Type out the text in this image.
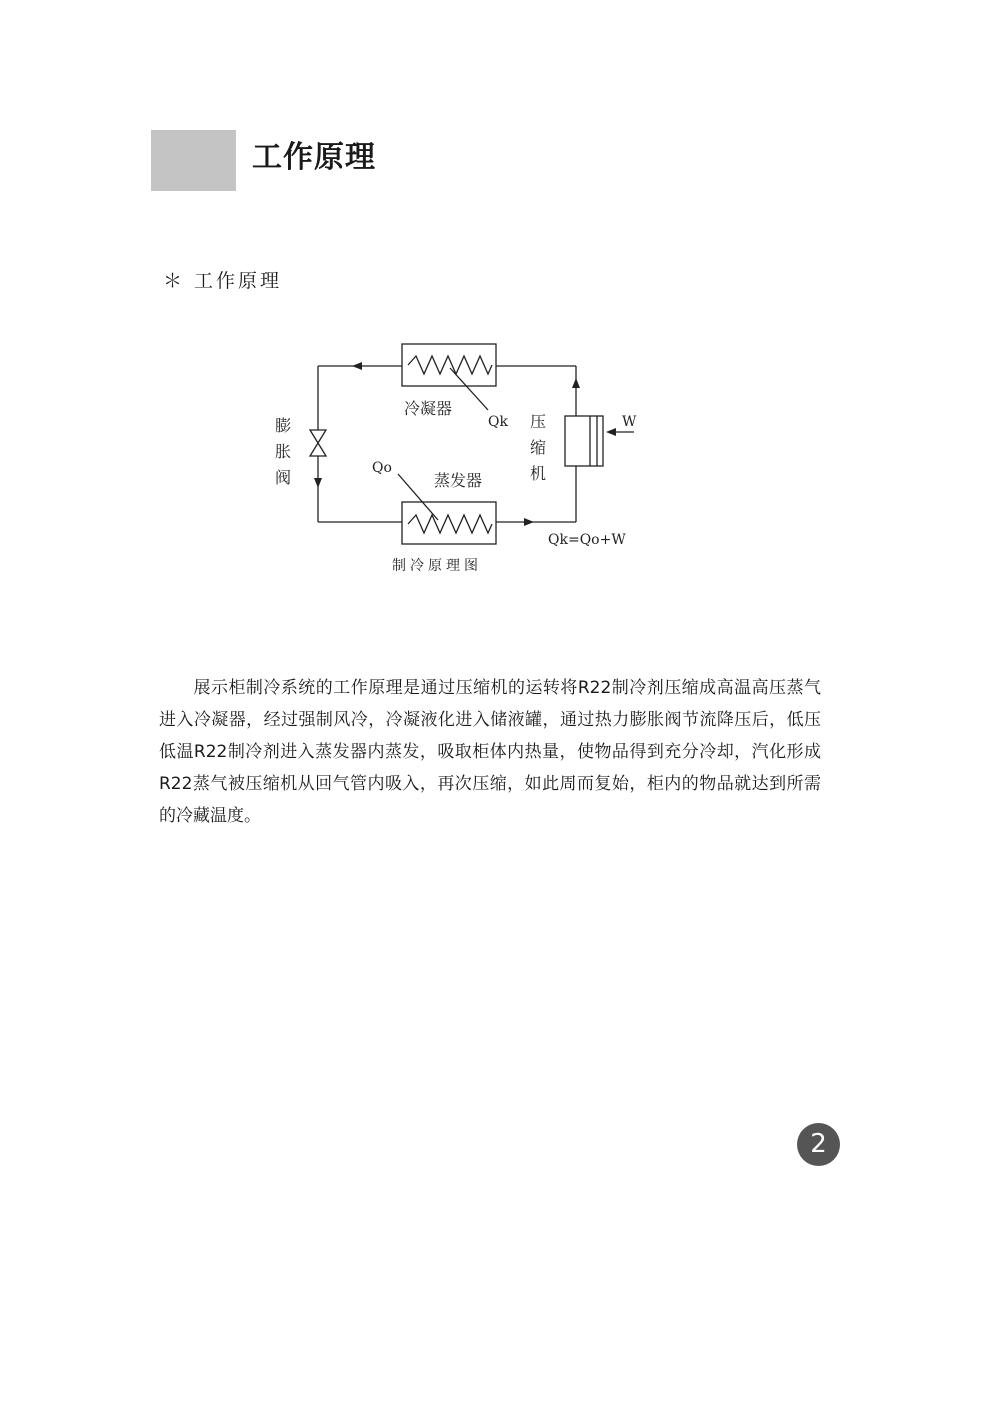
工作原理
＊ 工作原理
冷凝器
Qk
蒸发器
Qo
W
Qk=Qo+W
膨
胀
阀
压
缩
机
制冷原理图
展示柜制冷系统的工作原理是通过压缩机的运转将R22制冷剂压缩成高温高压蒸气进入冷凝器，经过强制风冷，冷凝液化进入储液罐，通过热力膨胀阀节流降压后，低压低温R22制冷剂进入蒸发器内蒸发，吸取柜体内热量，使物品得到充分冷却，汽化形成R22蒸气被压缩机从回气管内吸入，再次压缩，如此周而复始，柜内的物品就达到所需的冷藏温度。
2
